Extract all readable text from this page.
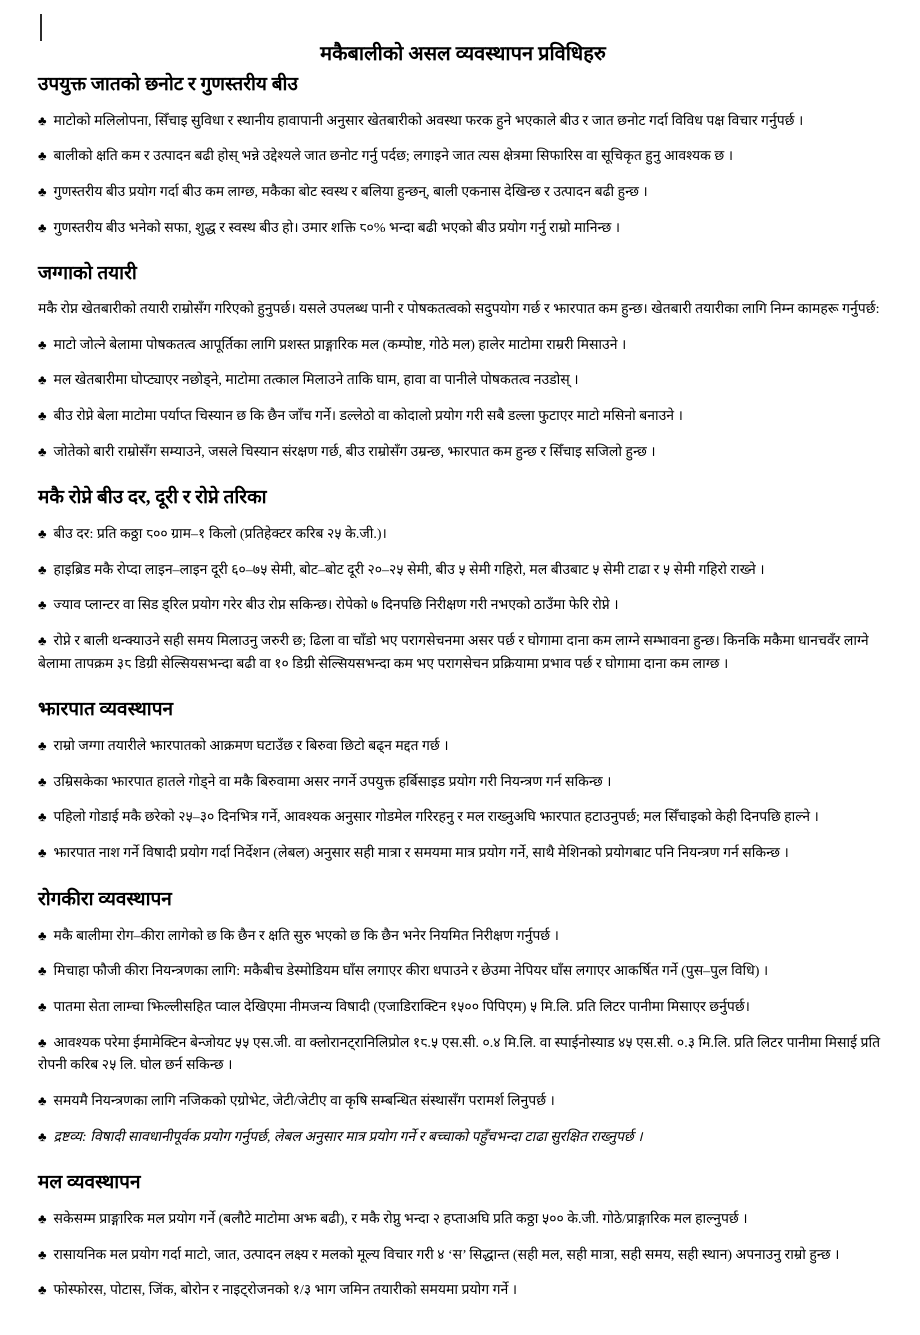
मकैबालीको असल व्यवस्थापन प्रविधिहरु
उपयुक्त जातको छनोट र गुणस्तरीय बीउ

♣ माटोको मलिलोपना, सिँचाइ सुविधा र स्थानीय हावापानी अनुसार खेतबारीको अवस्था फरक हुने भएकाले बीउ र जात छनोट गर्दा विविध पक्ष विचार गर्नुपर्छ ।

♣ बालीको क्षति कम र उत्पादन बढी होस् भन्ने उद्देश्यले जात छनोट गर्नु पर्दछ; लगाइने जात त्यस क्षेत्रमा सिफारिस वा सूचिकृत हुनु आवश्यक छ ।

♣ गुणस्तरीय बीउ प्रयोग गर्दा बीउ कम लाग्छ, मकैका बोट स्वस्थ र बलिया हुन्छन्, बाली एकनास देखिन्छ र उत्पादन बढी हुन्छ ।

♣ गुणस्तरीय बीउ भनेको सफा, शुद्ध र स्वस्थ बीउ हो। उमार शक्ति ८०% भन्दा बढी भएको बीउ प्रयोग गर्नु राम्रो मानिन्छ ।

जग्गाको तयारी

मकै रोप्न खेतबारीको तयारी राम्रोसँग गरिएको हुनुपर्छ। यसले उपलब्ध पानी र पोषकतत्वको सदुपयोग गर्छ र झारपात कम हुन्छ। खेतबारी तयारीका लागि निम्न कामहरू गर्नुपर्छ:

♣ माटो जोत्ने बेलामा पोषकतत्व आपूर्तिका लागि प्रशस्त प्राङ्गारिक मल (कम्पोष्ट, गोठे मल) हालेर माटोमा राम्ररी मिसाउने ।

♣ मल खेतबारीमा घोप्ट्याएर नछोड्ने, माटोमा तत्काल मिलाउने ताकि घाम, हावा वा पानीले पोषकतत्व नउडोस् ।

♣ बीउ रोप्ने बेला माटोमा पर्याप्त चिस्यान छ कि छैन जाँच गर्ने। डल्लेठो वा कोदालो प्रयोग गरी सबै डल्ला फुटाएर माटो मसिनो बनाउने ।

♣ जोतेको बारी राम्रोसँग सम्याउने, जसले चिस्यान संरक्षण गर्छ, बीउ राम्रोसँग उम्रन्छ, झारपात कम हुन्छ र सिँचाइ सजिलो हुन्छ ।

मकै रोप्ने बीउ दर, दूरी र रोप्ने तरिका

♣ बीउ दर: प्रति कठ्ठा ८०० ग्राम–१ किलो (प्रतिहेक्टर करिब २५ के.जी.)।

♣ हाइब्रिड मकै रोप्दा लाइन–लाइन दूरी ६०–७५ सेमी, बोट–बोट दूरी २०–२५ सेमी, बीउ ५ सेमी गहिरो, मल बीउबाट ५ सेमी टाढा र ५ सेमी गहिरो राख्ने ।

♣ ज्याव प्लान्टर वा सिड ड्रिल प्रयोग गरेर बीउ रोप्न सकिन्छ। रोपेको ७ दिनपछि निरीक्षण गरी नभएको ठाउँमा फेरि रोप्ने ।

♣ रोप्ने र बाली थन्क्याउने सही समय मिलाउनु जरुरी छ; ढिला वा चाँडो भए परागसेचनमा असर पर्छ र घोगामा दाना कम लाग्ने सम्भावना हुन्छ। किनकि मकैमा धानचवँर लाग्ने बेलामा तापक्रम ३८ डिग्री सेल्सियसभन्दा बढी वा १० डिग्री सेल्सियसभन्दा कम भए परागसेचन प्रक्रियामा प्रभाव पर्छ र घोगामा दाना कम लाग्छ ।

झारपात व्यवस्थापन

♣ राम्रो जग्गा तयारीले झारपातको आक्रमण घटाउँछ र बिरुवा छिटो बढ्न मद्दत गर्छ ।

♣ उम्रिसकेका झारपात हातले गोड्ने वा मकै बिरुवामा असर नगर्ने उपयुक्त हर्बिसाइड प्रयोग गरी नियन्त्रण गर्न सकिन्छ ।

♣ पहिलो गोडाई मकै छरेको २५–३० दिनभित्र गर्ने, आवश्यक अनुसार गोडमेल गरिरहनु र मल राख्नुअघि झारपात हटाउनुपर्छ; मल सिँचाइको केही दिनपछि हाल्ने ।

♣ झारपात नाश गर्ने विषादी प्रयोग गर्दा निर्देशन (लेबल) अनुसार सही मात्रा र समयमा मात्र प्रयोग गर्ने, साथै मेशिनको प्रयोगबाट पनि नियन्त्रण गर्न सकिन्छ ।

रोगकीरा व्यवस्थापन

♣ मकै बालीमा रोग–कीरा लागेको छ कि छैन र क्षति सुरु भएको छ कि छैन भनेर नियमित निरीक्षण गर्नुपर्छ ।

♣ मिचाहा फौजी कीरा नियन्त्रणका लागि: मकैबीच डेस्मोडियम घाँस लगाएर कीरा धपाउने र छेउमा नेपियर घाँस लगाएर आकर्षित गर्ने (पुस–पुल विधि) ।

♣ पातमा सेता लाम्चा झिल्लीसहित प्वाल देखिएमा नीमजन्य विषादी (एजाडिराक्टिन १५०० पिपिएम) ५ मि.लि. प्रति लिटर पानीमा मिसाएर छर्नुपर्छ।

♣ आवश्यक परेमा ईमामेक्टिन बेन्जोयट ५५ एस.जी. वा क्लोरानट्रानिलिप्रोल १८.५ एस.सी. ०.४ मि.लि. वा स्पाईनोस्याड ४५ एस.सी. ०.३ मि.लि. प्रति लिटर पानीमा मिसाई प्रति रोपनी करिब २५ लि. घोल छर्न सकिन्छ ।

♣ समयमै नियन्त्रणका लागि नजिकको एग्रोभेट, जेटी/जेटीए वा कृषि सम्बन्धित संस्थासँग परामर्श लिनुपर्छ ।

♣ द्रष्टव्य: विषादी सावधानीपूर्वक प्रयोग गर्नुपर्छ, लेबल अनुसार मात्र प्रयोग गर्ने र बच्चाको पहुँचभन्दा टाढा सुरक्षित राख्नुपर्छ ।

मल व्यवस्थापन

♣ सकेसम्म प्राङ्गारिक मल प्रयोग गर्ने (बलौटे माटोमा अझ बढी), र मकै रोप्नु भन्दा २ हप्ताअघि प्रति कठ्ठा ५०० के.जी. गोठे/प्राङ्गारिक मल हाल्नुपर्छ ।

♣ रासायनिक मल प्रयोग गर्दा माटो, जात, उत्पादन लक्ष्य र मलको मूल्य विचार गरी ४ ‘स’ सिद्धान्त (सही मल, सही मात्रा, सही समय, सही स्थान) अपनाउनु राम्रो हुन्छ ।

♣ फोस्फोरस, पोटास, जिंक, बोरोन र नाइट्रोजनको १/३ भाग जमिन तयारीको समयमा प्रयोग गर्ने ।
